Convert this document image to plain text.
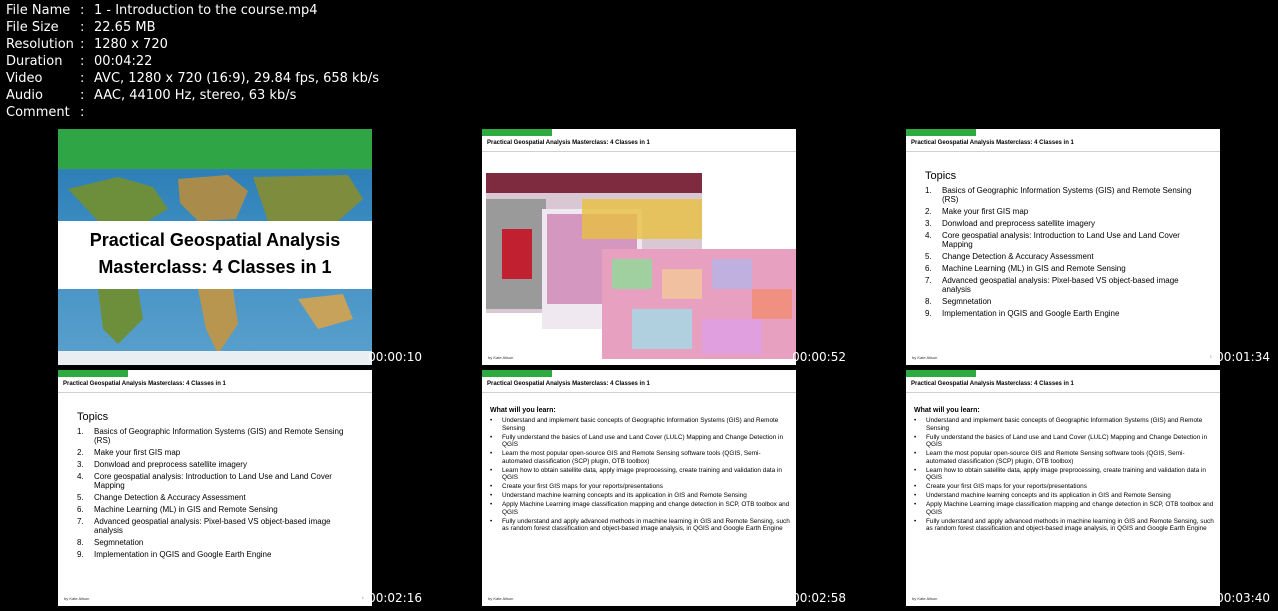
File Name : 1 - Introduction to the course.mp4
File Size : 22.65 MB
Resolution : 1280 x 720
Duration : 00:04:22
Video	: AVC, 1280 x 720 (16:9), 29.84 fps, 658 kb/s
Audio	: AAC, 44100 Hz, stereo, 63 kb/s
Comment :
Practical Geospatial Analysis
Masterclass: 4 Classes in 1
00:00:10
Practical Geospatial Analysis Masterclass: 4 Classes in 1
by Kate Alison	00:00:52
Practical Geospatial Analysis Masterclass: 4 Classes in 1
Topics
1. Basics of Geographic Information Systems (GIS) and Remote Sensing (RS)
2. Make your first GIS map
3. Donwload and preprocess satellite imagery
4. Core geospatial analysis: Introduction to Land Use and Land Cover Mapping
5. Change Detection & Accuracy Assessment
6. Machine Learning (ML) in GIS and Remote Sensing
7. Advanced geospatial analysis: Pixel-based VS object-based image analysis
8. Segmnetation
9. Implementation in QGIS and Google Earth Engine
by Kate Alison	1 00:01:34
Practical Geospatial Analysis Masterclass: 4 Classes in 1
Topics
1. Basics of Geographic Information Systems (GIS) and Remote Sensing (RS)
2. Make your first GIS map
3. Donwload and preprocess satellite imagery
4. Core geospatial analysis: Introduction to Land Use and Land Cover Mapping
5. Change Detection & Accuracy Assessment
6. Machine Learning (ML) in GIS and Remote Sensing
7. Advanced geospatial analysis: Pixel-based VS object-based image analysis
8. Segmnetation
9. Implementation in QGIS and Google Earth Engine
by Kate Alison	1 00:02:16
Practical Geospatial Analysis Masterclass: 4 Classes in 1
What will you learn:
• Understand and implement basic concepts of Geographic Information Systems (GIS) and Remote Sensing
• Fully understand the basics of Land use and Land Cover (LULC) Mapping and Change Detection in QGIS
• Learn the most popular open-source GIS and Remote Sensing software tools (QGIS, Semi-automated classification (SCP) plugin, OTB toolbox)
• Learn how to obtain satellite data, apply image preprocessing, create training and validation data in QGIS
• Create your first GIS maps for your reports/presentations
• Understand machine learning concepts and its application in GIS and Remote Sensing
• Apply Machine Learning image classification mapping and change detection in SCP, OTB toolbox and QGIS
• Fully understand and apply advanced methods in machine learning in GIS and Remote Sensing, such as random forest classification and object-based image analysis, in QGIS and Google Earth Engine
by Kate Alison	00:02:58
Practical Geospatial Analysis Masterclass: 4 Classes in 1
What will you learn:
• Understand and implement basic concepts of Geographic Information Systems (GIS) and Remote Sensing
• Fully understand the basics of Land use and Land Cover (LULC) Mapping and Change Detection in QGIS
• Learn the most popular open-source GIS and Remote Sensing software tools (QGIS, Semi-automated classification (SCP) plugin, OTB toolbox)
• Learn how to obtain satellite data, apply image preprocessing, create training and validation data in QGIS
• Create your first GIS maps for your reports/presentations
• Understand machine learning concepts and its application in GIS and Remote Sensing
• Apply Machine Learning image classification mapping and change detection in SCP, OTB toolbox and QGIS
• Fully understand and apply advanced methods in machine learning in GIS and Remote Sensing, such as random forest classification and object-based image analysis, in QGIS and Google Earth Engine
by Kate Alison	00:03:40
